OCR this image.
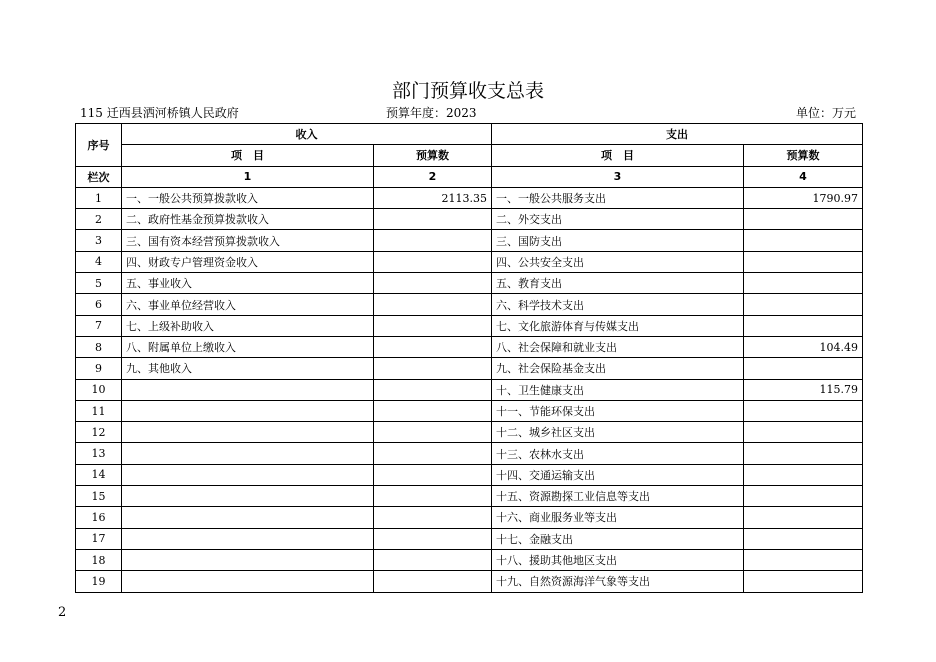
部门预算收支总表
115 迁西县洒河桥镇人民政府	预算年度：2023	单位：万元
序号	收入		支出	
	项　目	预算数	项　目	预算数
栏次	1	2	3	4
1	一、一般公共预算拨款收入	2113.35	一、一般公共服务支出	1790.97
2	二、政府性基金预算拨款收入		二、外交支出	
3	三、国有资本经营预算拨款收入		三、国防支出	
4	四、财政专户管理资金收入		四、公共安全支出	
5	五、事业收入		五、教育支出	
6	六、事业单位经营收入		六、科学技术支出	
7	七、上级补助收入		七、文化旅游体育与传媒支出	
8	八、附属单位上缴收入		八、社会保障和就业支出	104.49
9	九、其他收入		九、社会保险基金支出	
10			十、卫生健康支出	115.79
11			十一、节能环保支出	
12			十二、城乡社区支出	
13			十三、农林水支出	
14			十四、交通运输支出	
15			十五、资源勘探工业信息等支出	
16			十六、商业服务业等支出	
17			十七、金融支出	
18			十八、援助其他地区支出	
19			十九、自然资源海洋气象等支出	
2
